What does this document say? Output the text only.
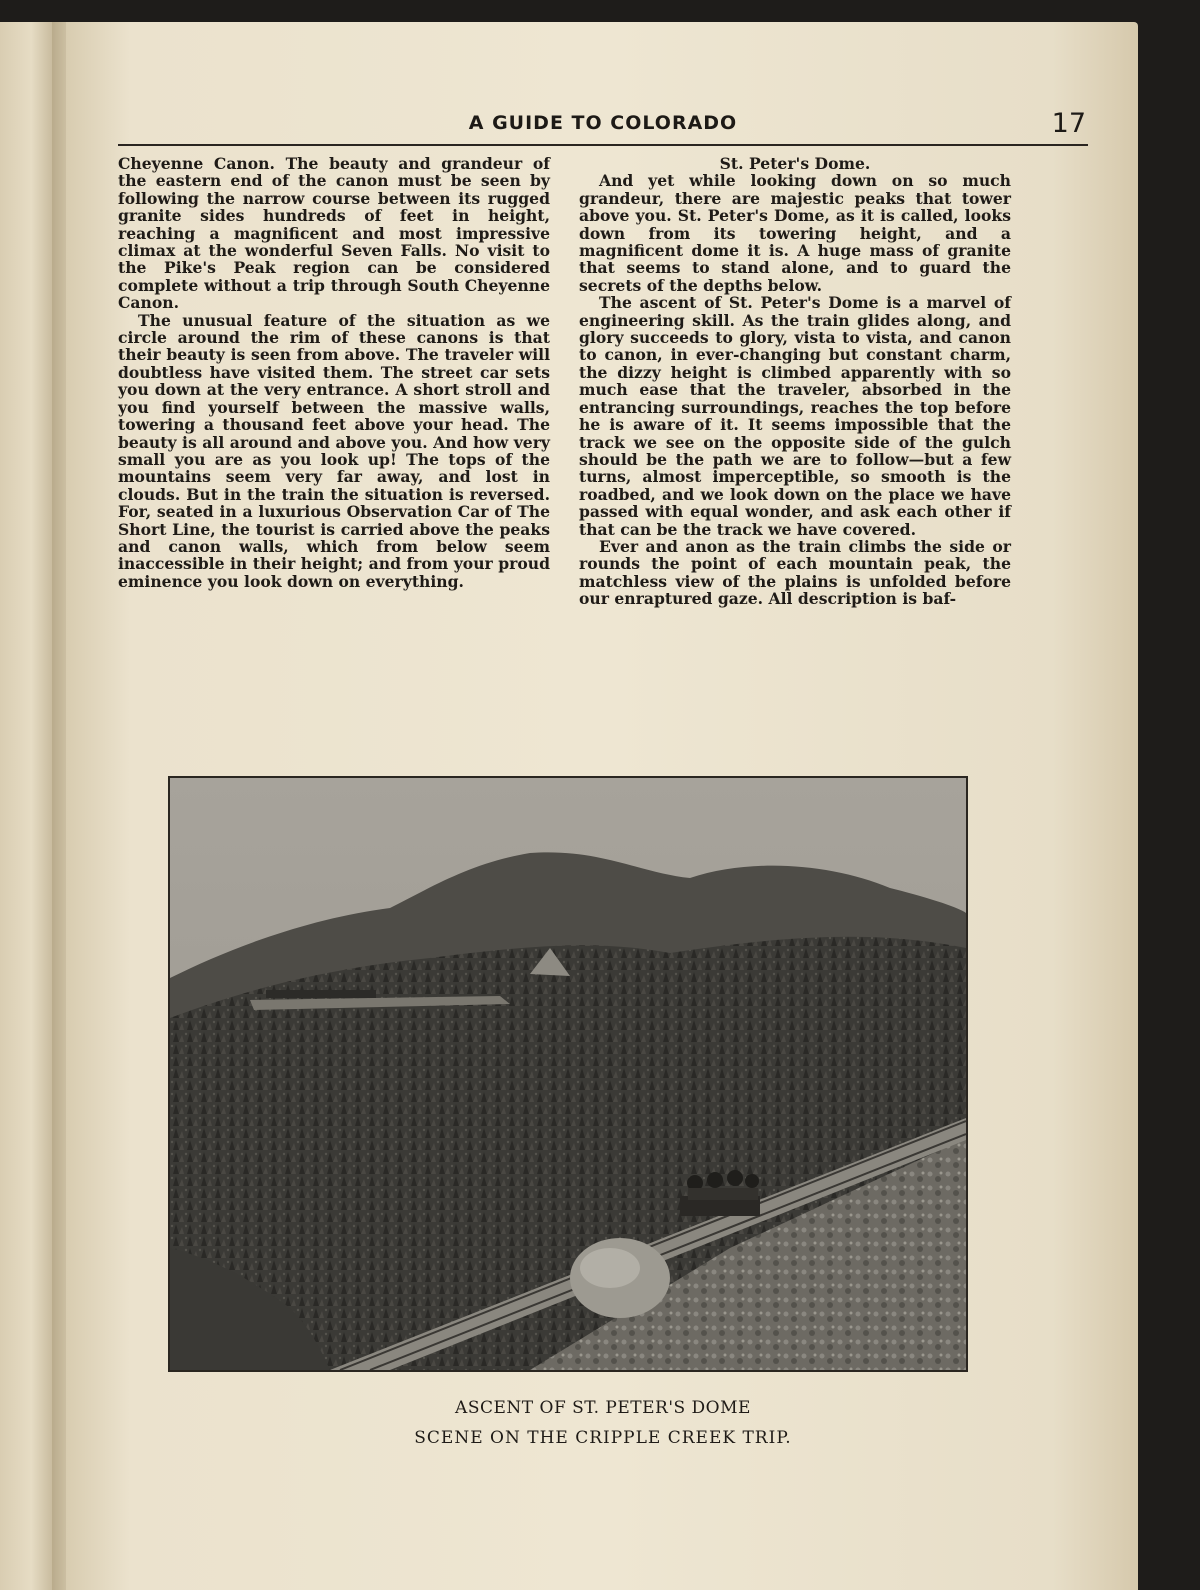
A GUIDE TO COLORADO	17

Cheyenne Canon. The beauty and grandeur of the eastern end of the canon must be seen by following the narrow course between its rugged granite sides hundreds of feet in height, reaching a magnificent and most impressive climax at the wonderful Seven Falls. No visit to the Pike's Peak region can be considered complete without a trip through South Cheyenne Canon.

The unusual feature of the situation as we circle around the rim of these canons is that their beauty is seen from above. The traveler will doubtless have visited them. The street car sets you down at the very entrance. A short stroll and you find yourself between the massive walls, towering a thousand feet above your head. The beauty is all around and above you. And how very small you are as you look up! The tops of the mountains seem very far away, and lost in clouds. But in the train the situation is reversed. For, seated in a luxurious Observation Car of The Short Line, the tourist is carried above the peaks and canon walls, which from below seem inaccessible in their height; and from your proud eminence you look down on everything.

St. Peter's Dome.

And yet while looking down on so much grandeur, there are majestic peaks that tower above you. St. Peter's Dome, as it is called, looks down from its towering height, and a magnificent dome it is. A huge mass of granite that seems to stand alone, and to guard the secrets of the depths below.

The ascent of St. Peter's Dome is a marvel of engineering skill. As the train glides along, and glory succeeds to glory, vista to vista, and canon to canon, in ever-changing but constant charm, the dizzy height is climbed apparently with so much ease that the traveler, absorbed in the entrancing surroundings, reaches the top before he is aware of it. It seems impossible that the track we see on the opposite side of the gulch should be the path we are to follow—but a few turns, almost imperceptible, so smooth is the roadbed, and we look down on the place we have passed with equal wonder, and ask each other if that can be the track we have covered.

Ever and anon as the train climbs the side or rounds the point of each mountain peak, the matchless view of the plains is unfolded before our enraptured gaze. All description is baf-

ASCENT OF ST. PETER'S DOME
SCENE ON THE CRIPPLE CREEK TRIP.
